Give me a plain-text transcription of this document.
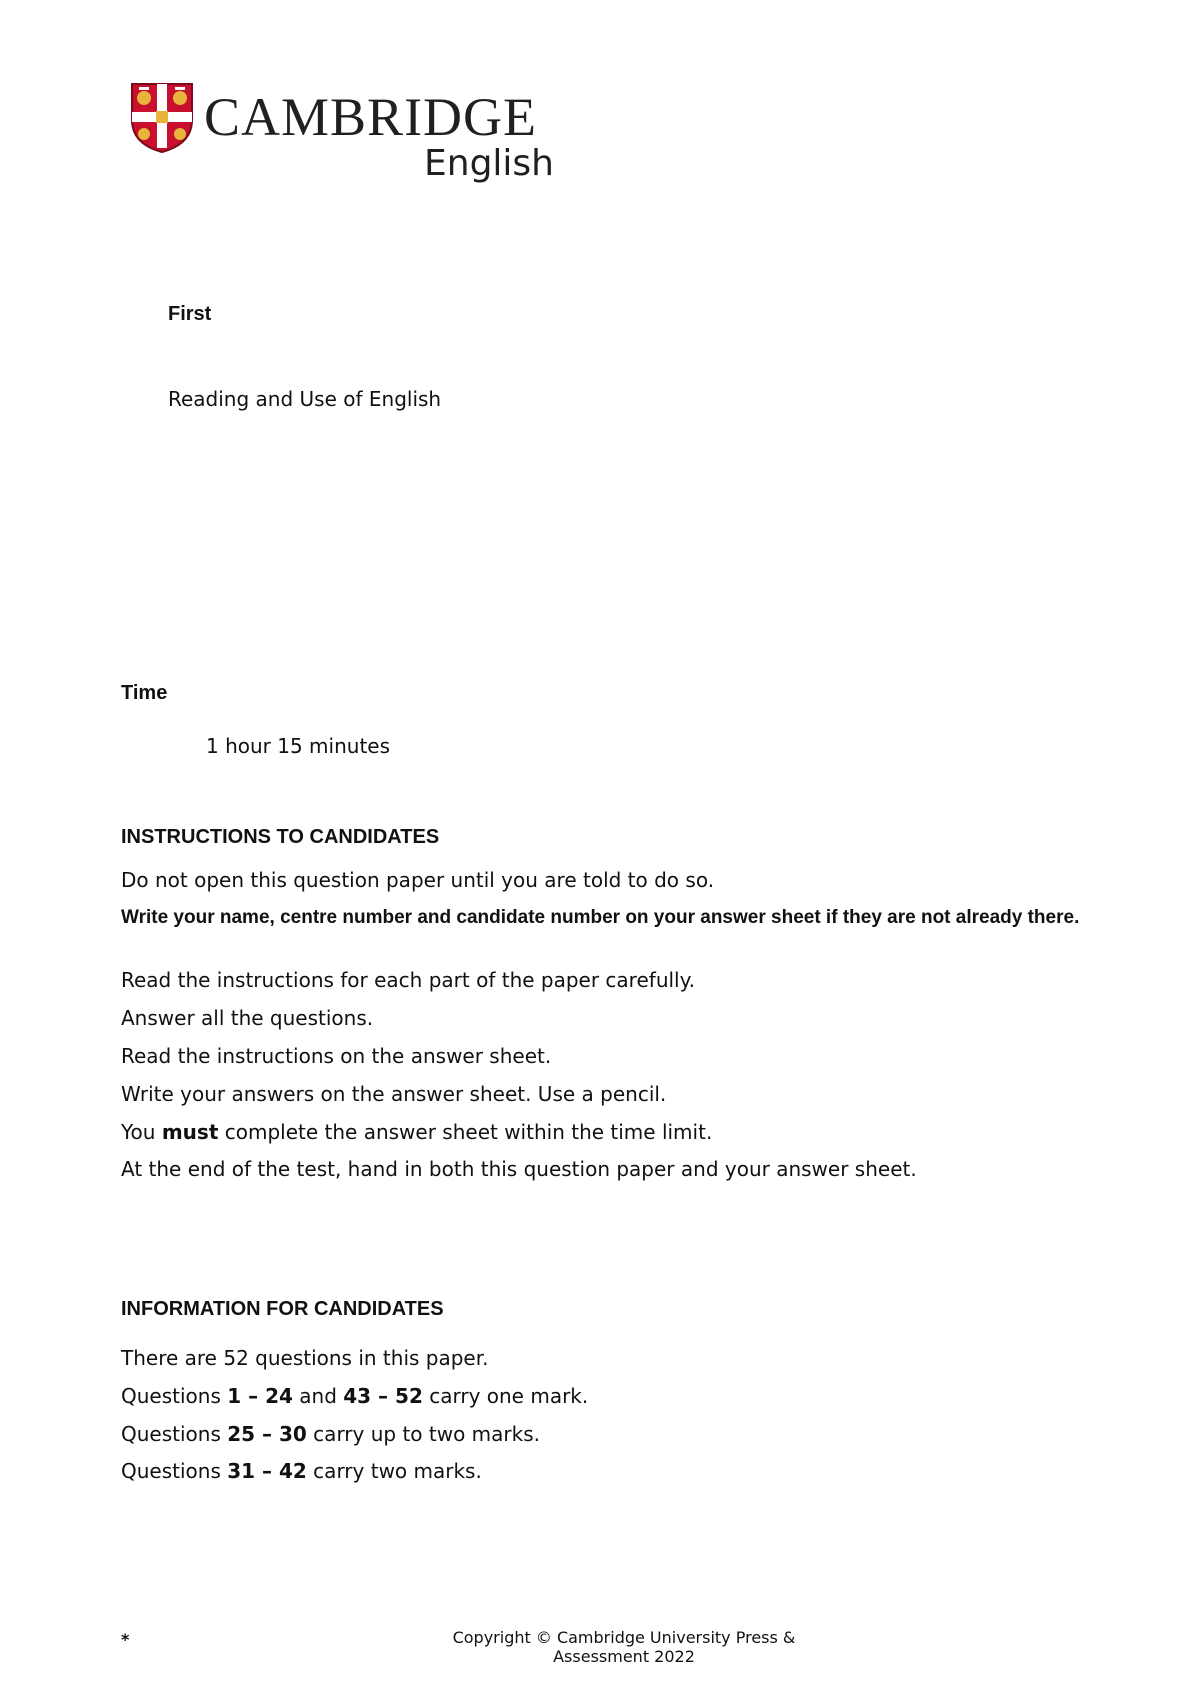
CAMBRIDGE
English
First
Reading and Use of English
Time
1 hour 15 minutes
INSTRUCTIONS TO CANDIDATES
Do not open this question paper until you are told to do so.
Write your name, centre number and candidate number on your answer sheet if they are not already there.
Read the instructions for each part of the paper carefully.
Answer all the questions.
Read the instructions on the answer sheet.
Write your answers on the answer sheet. Use a pencil.
You must complete the answer sheet within the time limit.
At the end of the test, hand in both this question paper and your answer sheet.
INFORMATION FOR CANDIDATES
There are 52 questions in this paper.
Questions 1 – 24 and 43 – 52 carry one mark.
Questions 25 – 30 carry up to two marks.
Questions 31 – 42 carry two marks.
*	Copyright © Cambridge University Press & Assessment 2022
